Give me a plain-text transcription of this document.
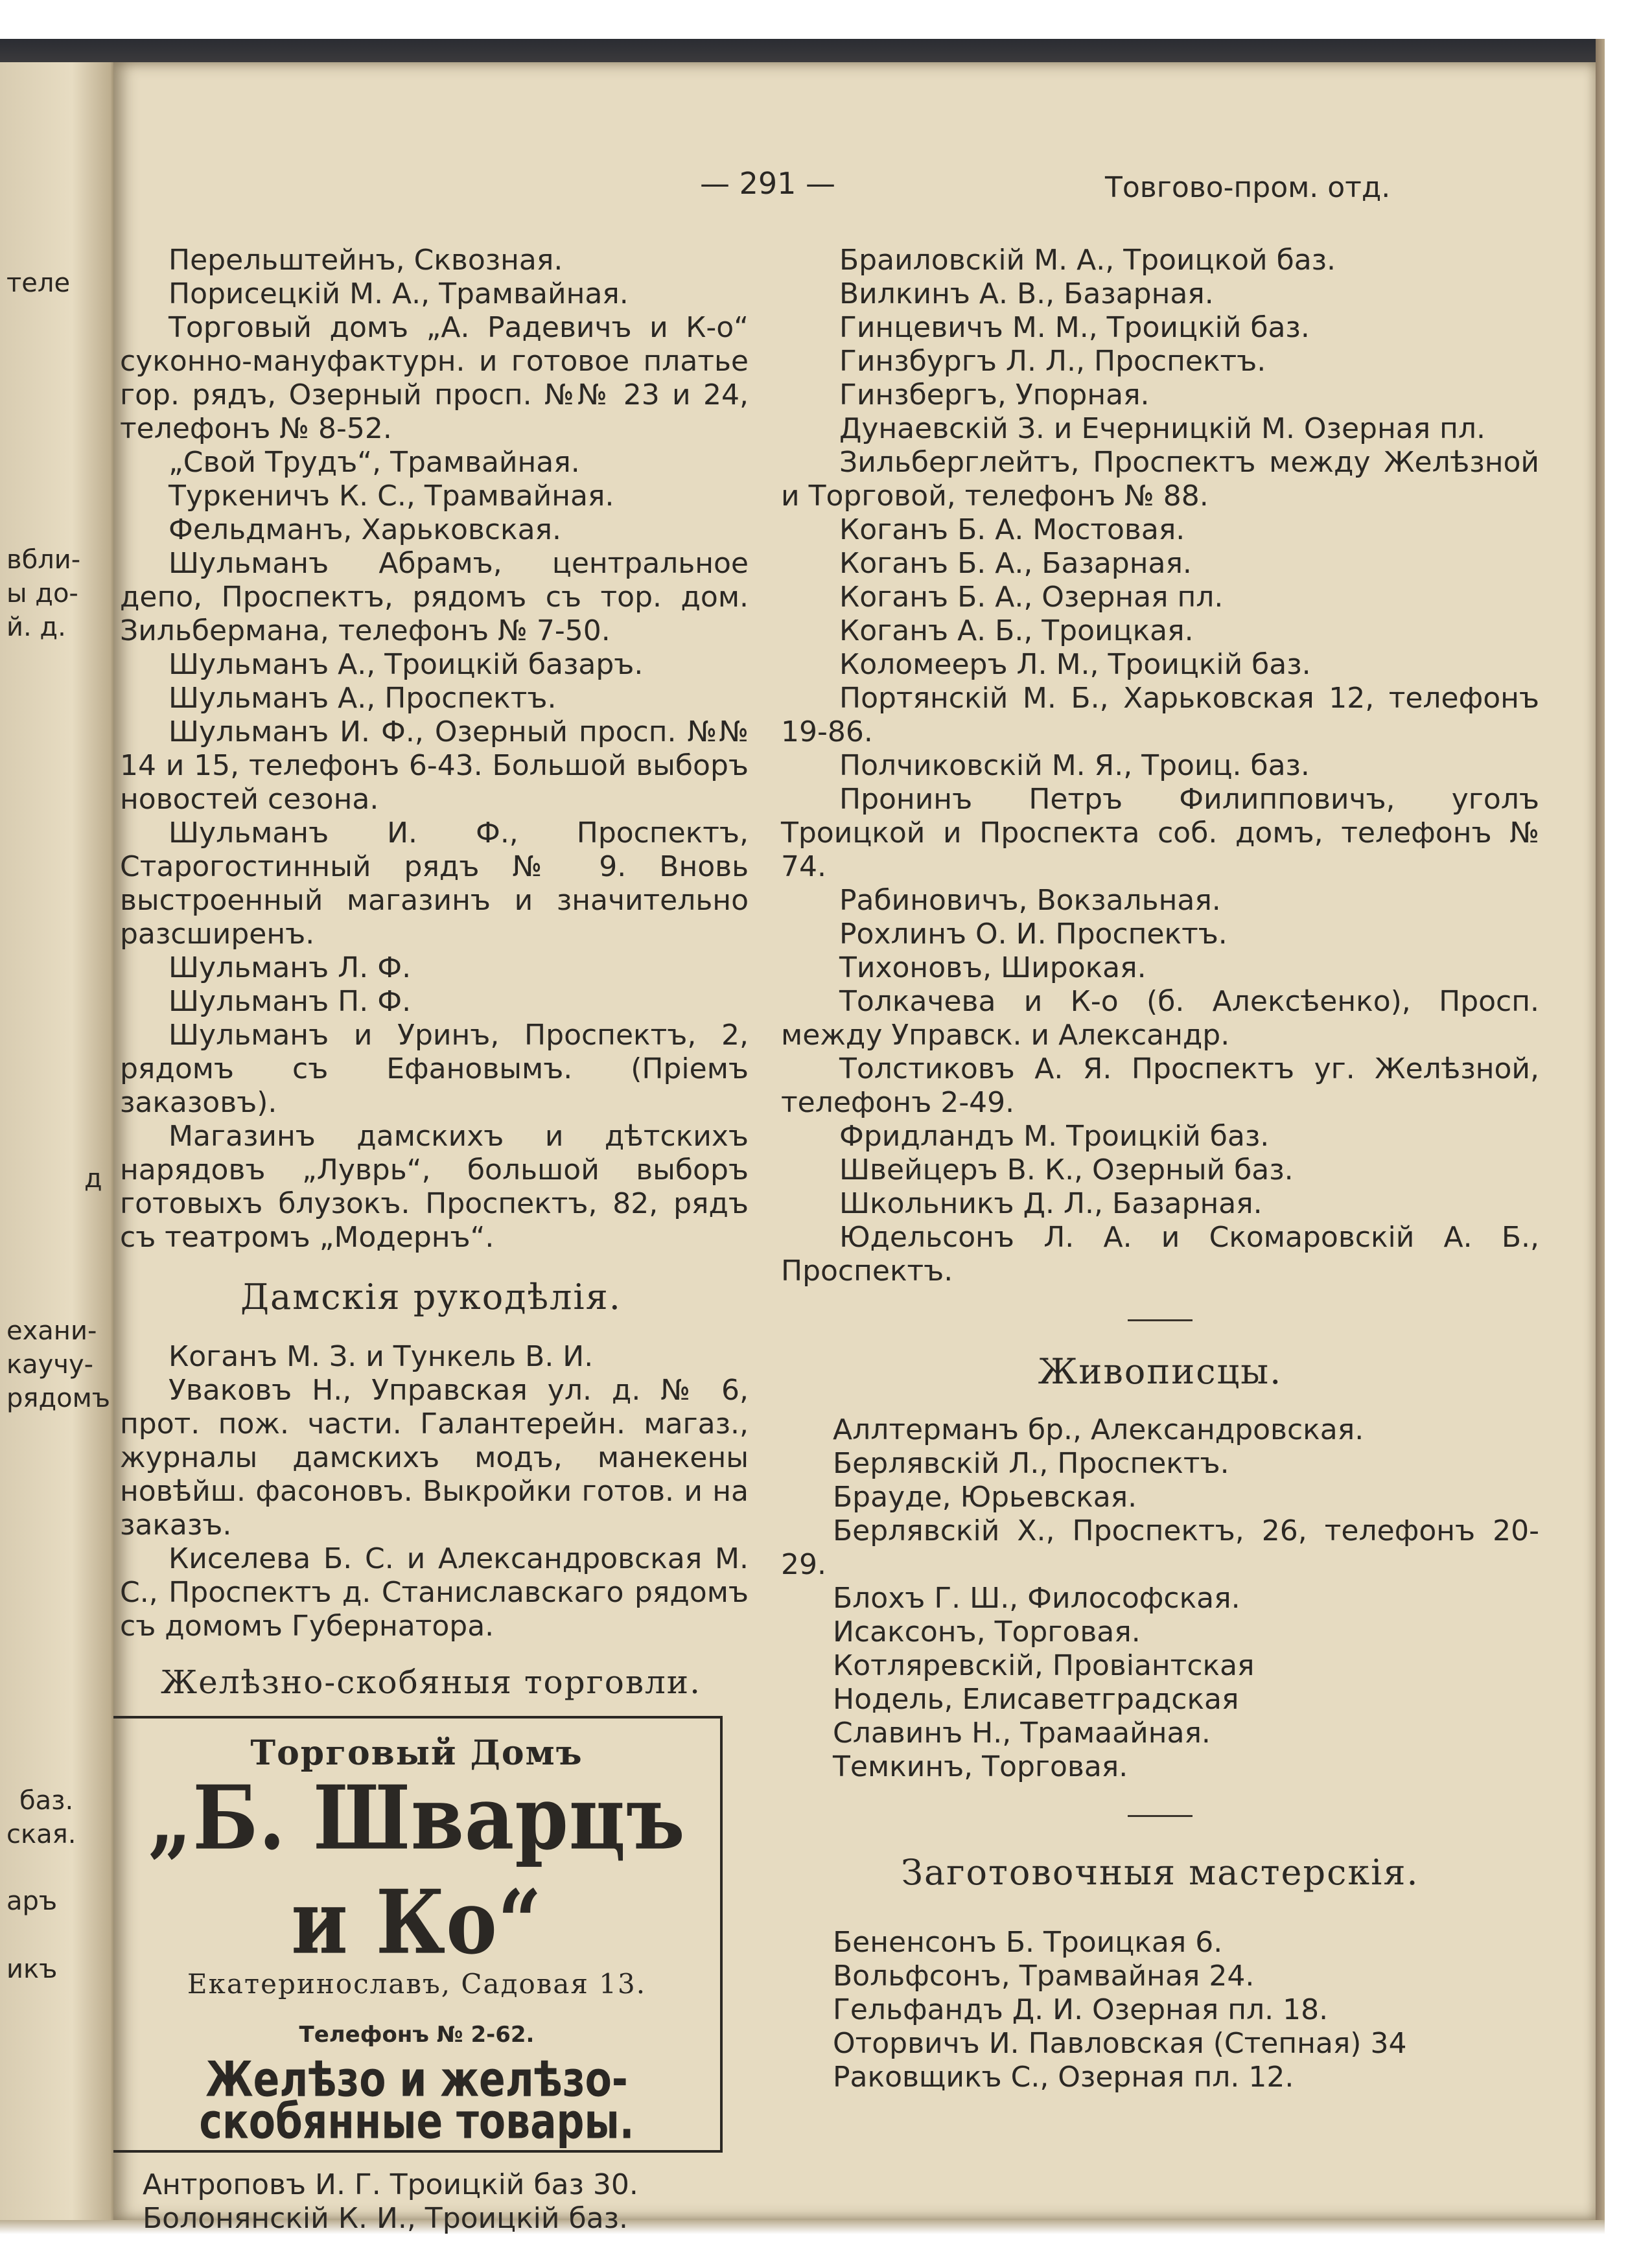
теле
вбли-
ы до-
й. д.
д
ехани-
каучу-
рядомъ
баз.
ская.
аръ
икъ
— 291 —	Товгово-пром. отд.
Перельштейнъ, Сквозная.
Порисецкій М. А., Трамвайная.
Торговый домъ „А. Радевичъ и К-о“ суконно-мануфактурн. и готовое платье гор. рядъ, Озерный просп. №№ 23 и 24, телефонъ № 8-52.
„Свой Трудъ“, Трамвайная.
Туркеничъ К. С., Трамвайная.
Фельдманъ, Харьковская.
Шульманъ Абрамъ, центральное депо, Проспектъ, рядомъ съ тор. дом. Зильбермана, телефонъ № 7-50.
Шульманъ А., Троицкій базаръ.
Шульманъ А., Проспектъ.
Шульманъ И. Ф., Озерный просп. №№ 14 и 15, телефонъ 6-43. Большой выборъ новостей сезона.
Шульманъ И. Ф., Проспектъ, Старогостинный рядъ № 9. Вновь выстроенный магазинъ и значительно разсширенъ.
Шульманъ Л. Ф.
Шульманъ П. Ф.
Шульманъ и Уринъ, Проспектъ, 2, рядомъ съ Ефановымъ. (Пріемъ заказовъ).
Магазинъ дамскихъ и дѣтскихъ нарядовъ „Луврь“, большой выборъ готовыхъ блузокъ. Проспектъ, 82, рядъ съ театромъ „Модернъ“.
Дамскія рукодѣлія.
Коганъ М. З. и Тункель В. И.
Уваковъ Н., Управская ул. д. № 6, прот. пож. части. Галантерейн. магаз., журналы дамскихъ модъ, манекены новѣйш. фасоновъ. Выкройки готов. и на заказъ.
Киселева Б. С. и Александровская М. С., Проспектъ д. Станиславскаго рядомъ съ домомъ Губернатора.
Желѣзно-скобяныя торговли.
Торговый Домъ
„Б. Шварцъ и Ко“
Екатеринославъ, Садовая 13.
Телефонъ № 2-62.
Желѣзо и желѣзо-скобянные товары.
Антроповъ И. Г. Троицкій баз 30.
Болонянскій К. И., Троицкій баз.
Браиловскій М. А., Троицкой баз.
Вилкинъ А. В., Базарная.
Гинцевичъ М. М., Троицкій баз.
Гинзбургъ Л. Л., Проспектъ.
Гинзбергъ, Упорная.
Дунаевскій З. и Ечерницкій М. Озерная пл.
Зильберглейтъ, Проспектъ между Желѣзной и Торговой, телефонъ № 88.
Коганъ Б. А. Мостовая.
Коганъ Б. А., Базарная.
Коганъ Б. А., Озерная пл.
Коганъ А. Б., Троицкая.
Коломееръ Л. М., Троицкій баз.
Портянскій М. Б., Харьковская 12, телефонъ 19-86.
Полчиковскій М. Я., Троиц. баз.
Пронинъ Петръ Филипповичъ, уголъ Троицкой и Проспекта соб. домъ, телефонъ № 74.
Рабиновичъ, Вокзальная.
Рохлинъ О. И. Проспектъ.
Тихоновъ, Широкая.
Толкачева и К-о (б. Алексѣенко), Просп. между Управск. и Александр.
Толстиковъ А. Я. Проспектъ уг. Желѣзной, телефонъ 2-49.
Фридландъ М. Троицкій баз.
Швейцеръ В. К., Озерный баз.
Школьникъ Д. Л., Базарная.
Юдельсонъ Л. А. и Скомаровскій А. Б., Проспектъ.
Живописцы.
Аллтерманъ бр., Александровская.
Берлявскій Л., Проспектъ.
Брауде, Юрьевская.
Берлявскій Х., Проспектъ, 26, телефонъ 20-29.
Блохъ Г. Ш., Философская.
Исаксонъ, Торговая.
Котляревскій, Провіантская
Нодель, Елисаветградская
Славинъ Н., Трамаайная.
Темкинъ, Торговая.
Заготовочныя мастерскія.
Бененсонъ Б. Троицкая 6.
Вольфсонъ, Трамвайная 24.
Гельфандъ Д. И. Озерная пл. 18.
Оторвичъ И. Павловская (Степная) 34
Раковщикъ С., Озерная пл. 12.
